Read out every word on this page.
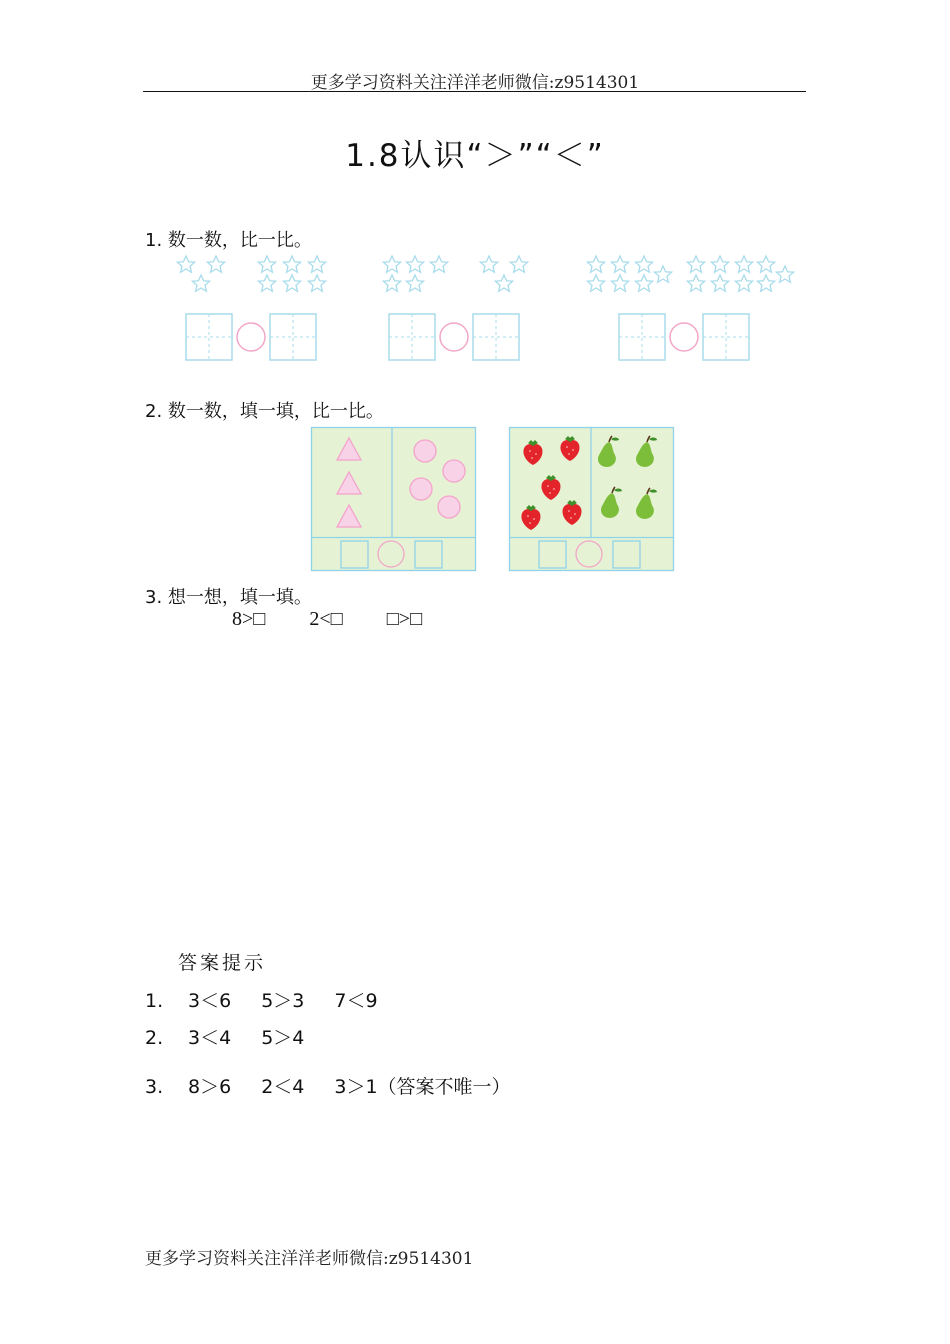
更多学习资料关注洋洋老师微信:z9514301
1.8认识“＞”“＜”
1. 数一数，比一比。
2. 数一数，填一填，比一比。
3. 想一想，填一填。
8>□ 2<□ □>□
答案提示
1. 3＜6 5＞3 7＜9
2. 3＜4 5＞4
3. 8＞6 2＜4 3＞1（答案不唯一）
更多学习资料关注洋洋老师微信:z9514301
